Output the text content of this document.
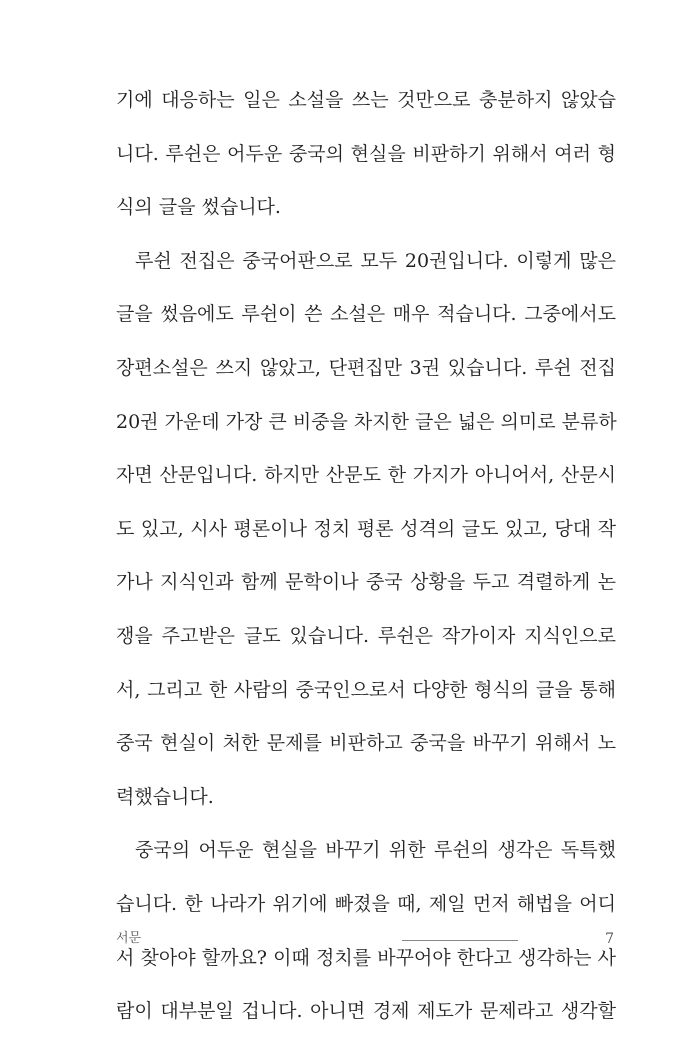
기에 대응하는 일은 소설을 쓰는 것만으로 충분하지 않았습
니다. 루쉰은 어두운 중국의 현실을 비판하기 위해서 여러 형
식의 글을 썼습니다.
루쉰 전집은 중국어판으로 모두 20권입니다. 이렇게 많은
글을 썼음에도 루쉰이 쓴 소설은 매우 적습니다. 그중에서도
장편소설은 쓰지 않았고, 단편집만 3권 있습니다. 루쉰 전집
20권 가운데 가장 큰 비중을 차지한 글은 넓은 의미로 분류하
자면 산문입니다. 하지만 산문도 한 가지가 아니어서, 산문시
도 있고, 시사 평론이나 정치 평론 성격의 글도 있고, 당대 작
가나 지식인과 함께 문학이나 중국 상황을 두고 격렬하게 논
쟁을 주고받은 글도 있습니다. 루쉰은 작가이자 지식인으로
서, 그리고 한 사람의 중국인으로서 다양한 형식의 글을 통해
중국 현실이 처한 문제를 비판하고 중국을 바꾸기 위해서 노
력했습니다.
중국의 어두운 현실을 바꾸기 위한 루쉰의 생각은 독특했
습니다. 한 나라가 위기에 빠졌을 때, 제일 먼저 해법을 어디
서 찾아야 할까요? 이때 정치를 바꾸어야 한다고 생각하는 사
람이 대부분일 겁니다. 아니면 경제 제도가 문제라고 생각할
서문	7
